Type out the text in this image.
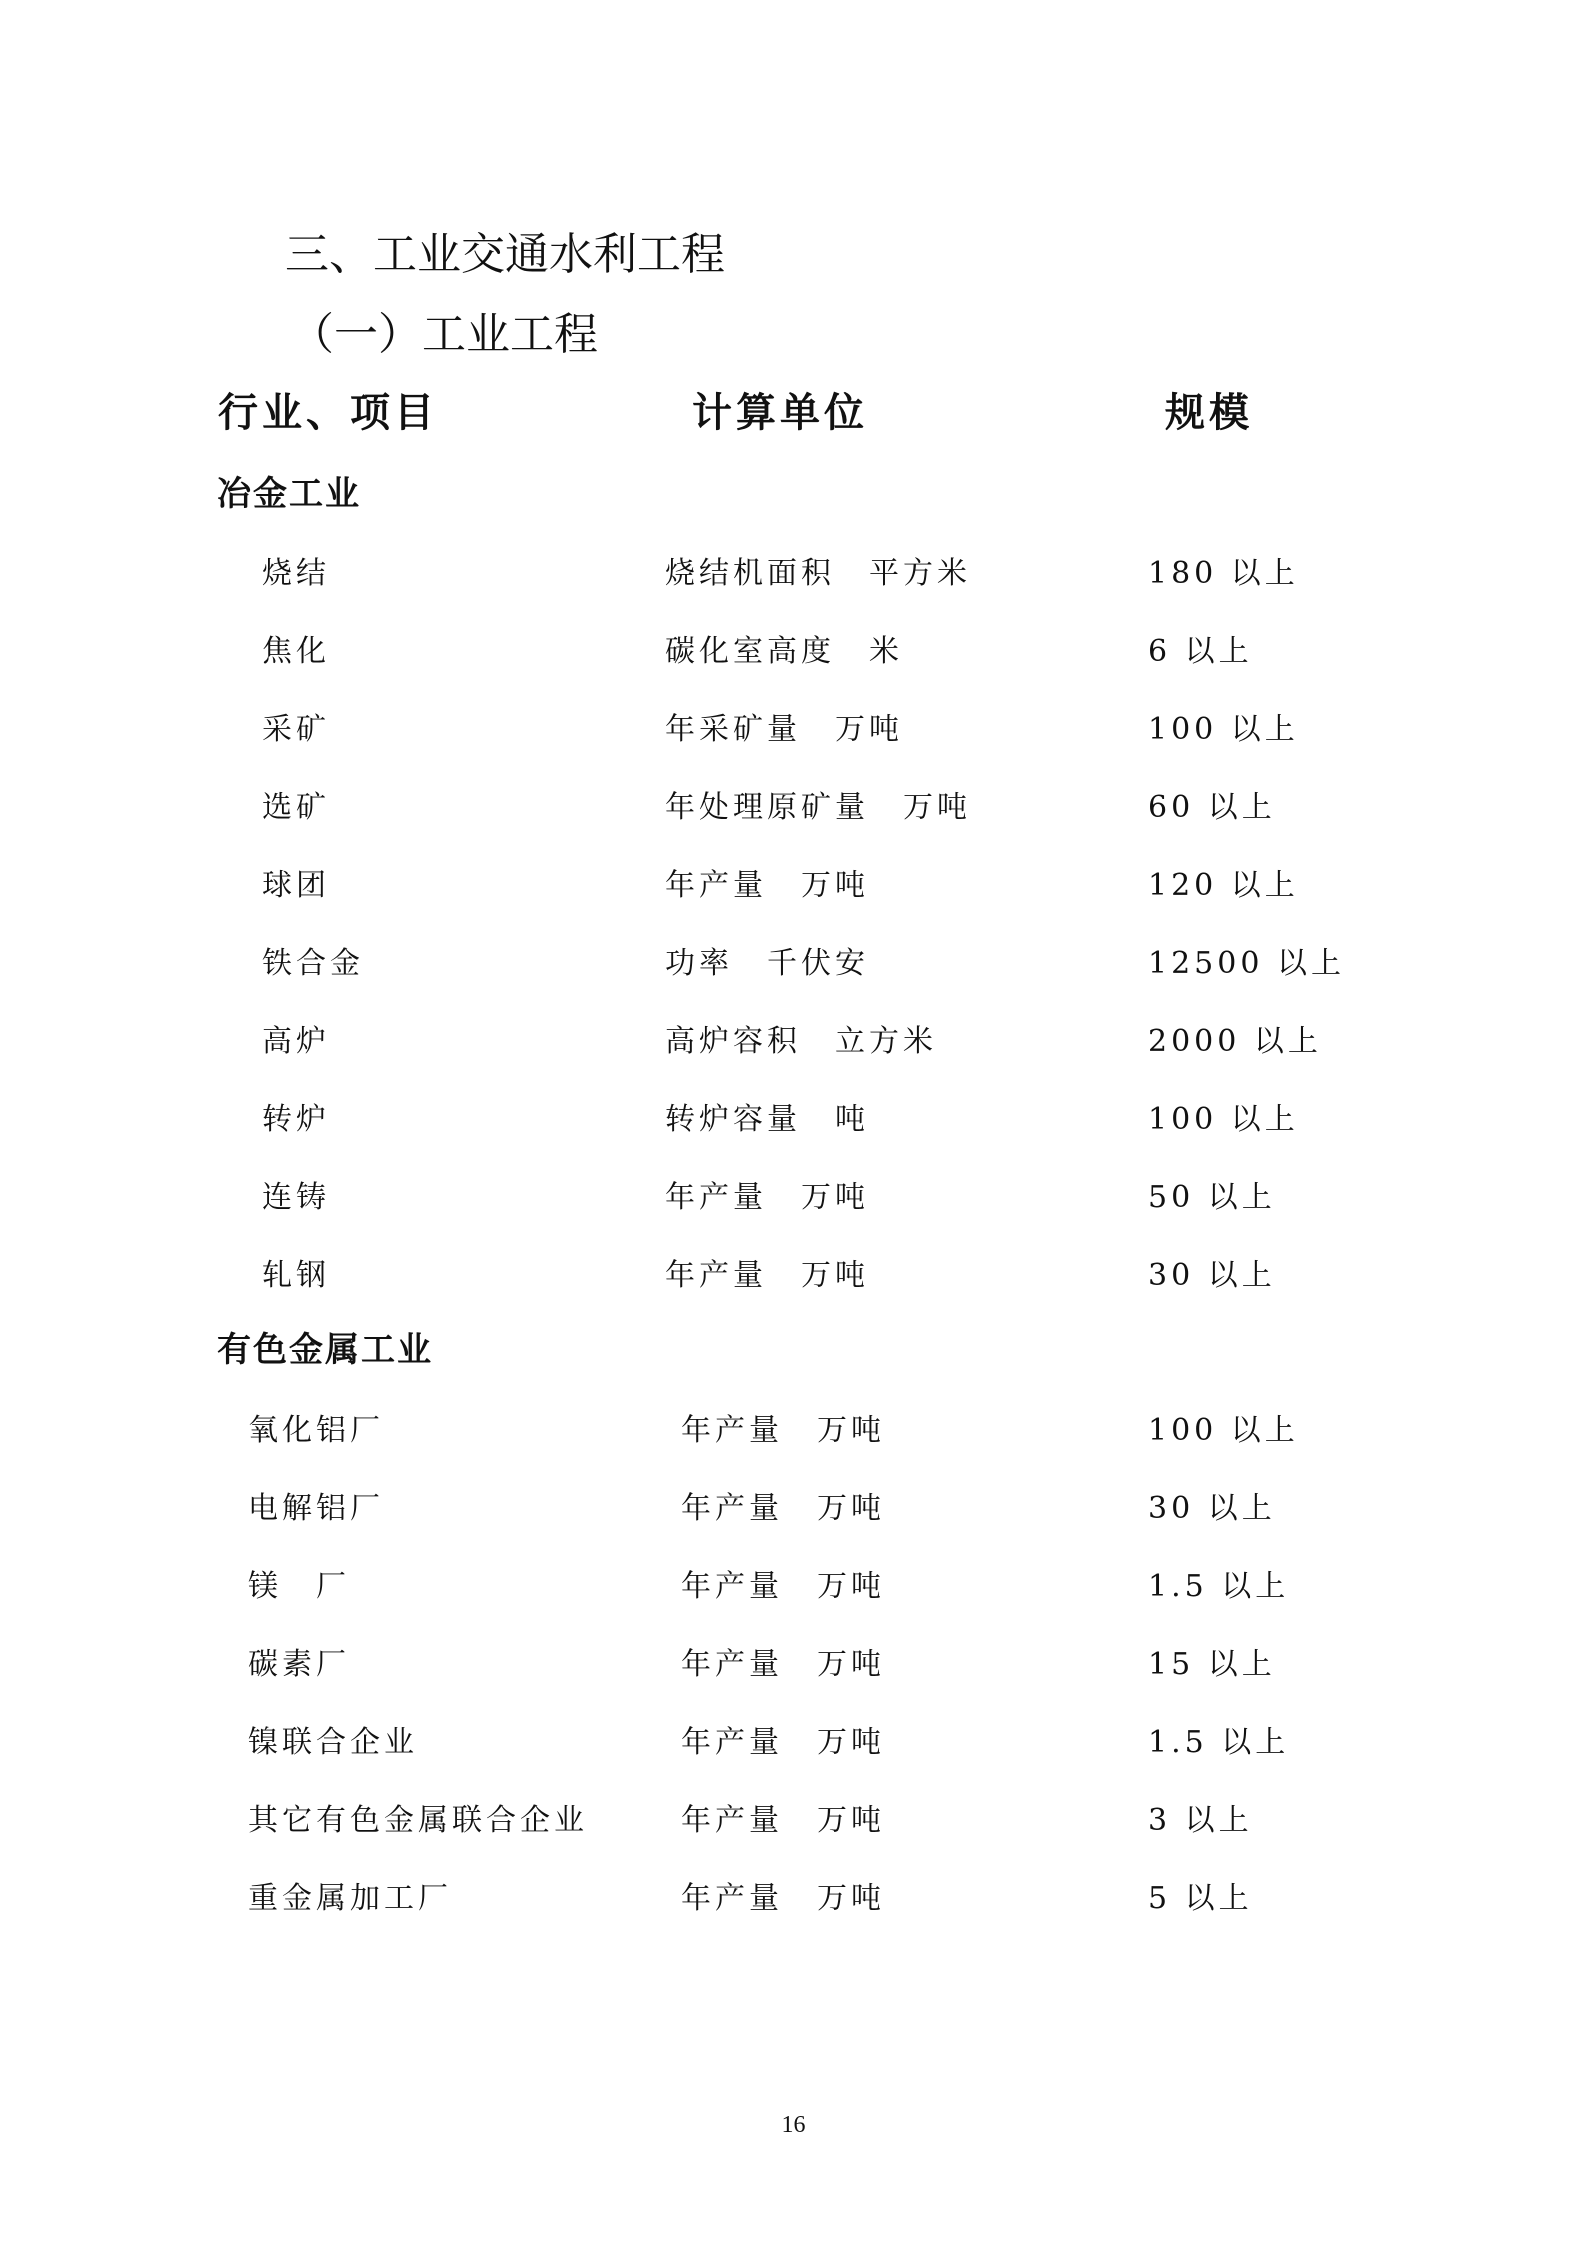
三、工业交通水利工程
（一）工业工程
行业、项目	计算单位	规模
冶金工业
烧结	烧结机面积　平方米	180 以上
焦化	碳化室高度　米	6 以上
采矿	年采矿量　万吨	100 以上
选矿	年处理原矿量　万吨	60 以上
球团	年产量　万吨	120 以上
铁合金	功率　千伏安	12500 以上
高炉	高炉容积　立方米	2000 以上
转炉	转炉容量　吨	100 以上
连铸	年产量　万吨	50 以上
轧钢	年产量　万吨	30 以上
有色金属工业
氧化铝厂	年产量　万吨	100 以上
电解铝厂	年产量　万吨	30 以上
镁　厂	年产量　万吨	1.5 以上
碳素厂	年产量　万吨	15 以上
镍联合企业	年产量　万吨	1.5 以上
其它有色金属联合企业	年产量　万吨	3 以上
重金属加工厂	年产量　万吨	5 以上
16
